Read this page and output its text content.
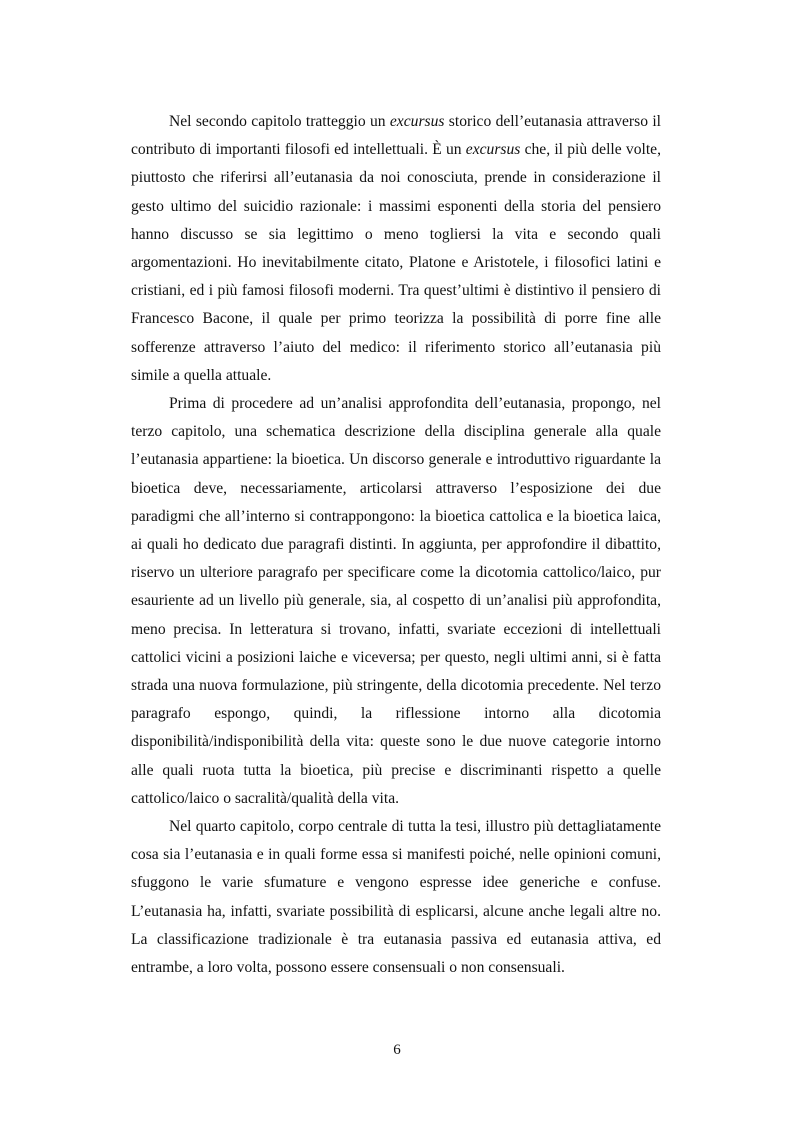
Nel secondo capitolo tratteggio un excursus storico dell’eutanasia attraverso il contributo di importanti filosofi ed intellettuali. È un excursus che, il più delle volte, piuttosto che riferirsi all’eutanasia da noi conosciuta, prende in considerazione il gesto ultimo del suicidio razionale: i massimi esponenti della storia del pensiero hanno discusso se sia legittimo o meno togliersi la vita e secondo quali argomentazioni. Ho inevitabilmente citato, Platone e Aristotele, i filosofici latini e cristiani, ed i più famosi filosofi moderni. Tra quest’ultimi è distintivo il pensiero di Francesco Bacone, il quale per primo teorizza la possibilità di porre fine alle sofferenze attraverso l’aiuto del medico: il riferimento storico all’eutanasia più simile a quella attuale.

Prima di procedere ad un’analisi approfondita dell’eutanasia, propongo, nel terzo capitolo, una schematica descrizione della disciplina generale alla quale l’eutanasia appartiene: la bioetica. Un discorso generale e introduttivo riguardante la bioetica deve, necessariamente, articolarsi attraverso l’esposizione dei due paradigmi che all’interno si contrappongono: la bioetica cattolica e la bioetica laica, ai quali ho dedicato due paragrafi distinti. In aggiunta, per approfondire il dibattito, riservo un ulteriore paragrafo per specificare come la dicotomia cattolico/laico, pur esauriente ad un livello più generale, sia, al cospetto di un’analisi più approfondita, meno precisa. In letteratura si trovano, infatti, svariate eccezioni di intellettuali cattolici vicini a posizioni laiche e viceversa; per questo, negli ultimi anni, si è fatta strada una nuova formulazione, più stringente, della dicotomia precedente. Nel terzo paragrafo espongo, quindi, la riflessione intorno alla dicotomia disponibilità/indisponibilità della vita: queste sono le due nuove categorie intorno alle quali ruota tutta la bioetica, più precise e discriminanti rispetto a quelle cattolico/laico o sacralità/qualità della vita.

Nel quarto capitolo, corpo centrale di tutta la tesi, illustro più dettagliatamente cosa sia l’eutanasia e in quali forme essa si manifesti poiché, nelle opinioni comuni, sfuggono le varie sfumature e vengono espresse idee generiche e confuse. L’eutanasia ha, infatti, svariate possibilità di esplicarsi, alcune anche legali altre no. La classificazione tradizionale è tra eutanasia passiva ed eutanasia attiva, ed entrambe, a loro volta, possono essere consensuali o non consensuali.

6
